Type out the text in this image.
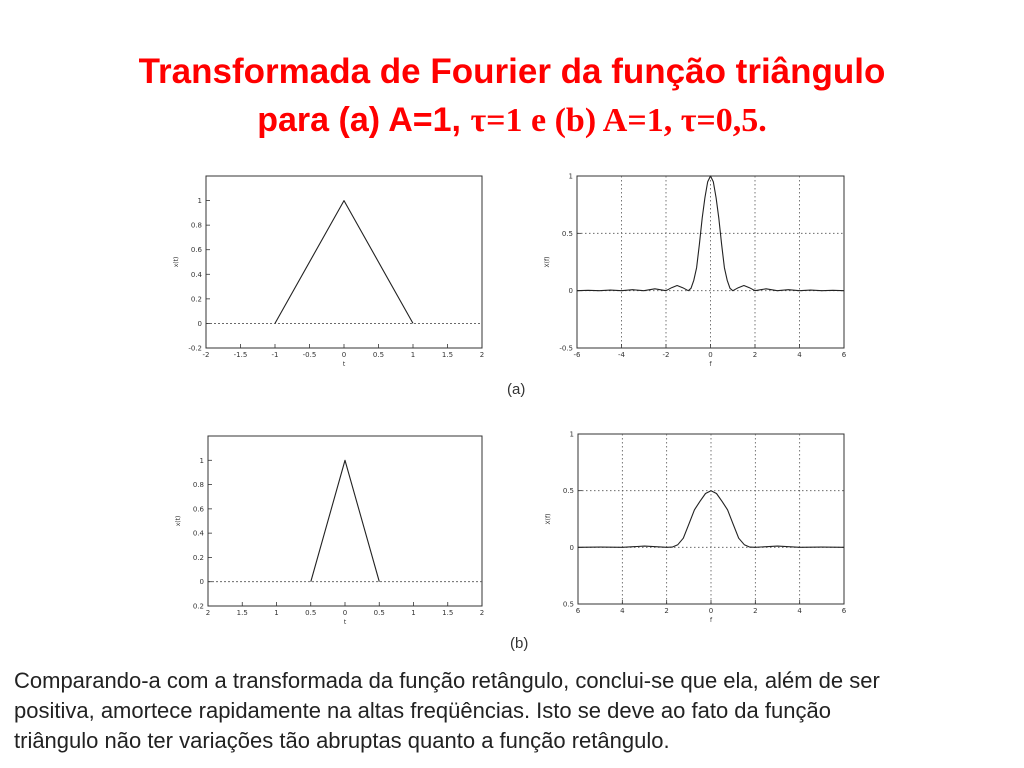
Transformada de Fourier da função triângulo
para (a) A=1, τ=1 e (b) A=1, τ=0,5.
-2	-1.5	-1	-0.5	0	0.5	1	1.5	2
-0.2
0
0.2
0.4
0.6
0.8
1
t
x(t)
-6	-4	-2	0	2	4	6
-0.5
0
0.5
1
f
X(f)
(a)
2	1.5	1	0.5	0	0.5	1	1.5	2
0.2
0
0.2
0.4
0.6
0.8
1
t
x(t)
6	4	2	0	2	4	6
0.5
0
0.5
1
f
X(f)
(b)
Comparando-a com a transformada da função retângulo, conclui-se que ela, além de ser
positiva, amortece rapidamente na altas freqüências. Isto se deve ao fato da função
triângulo não ter variações tão abruptas quanto a função retângulo.
